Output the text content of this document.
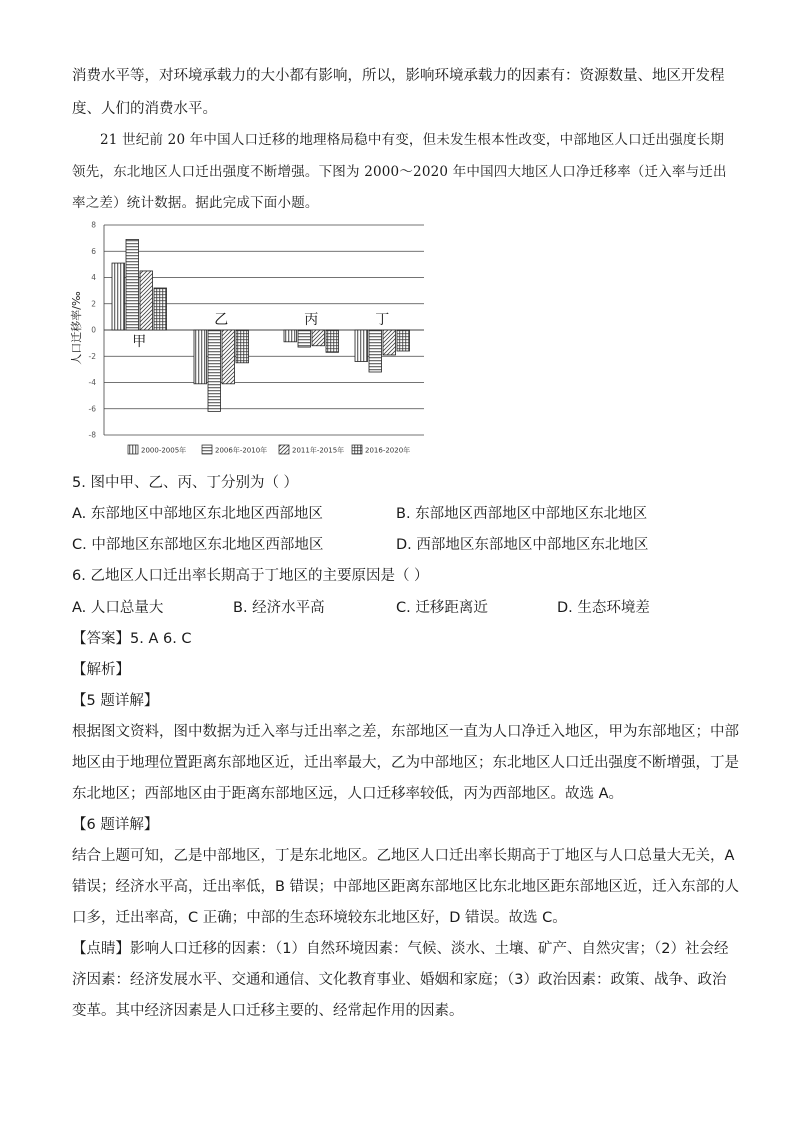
消费水平等，对环境承载力的大小都有影响，所以，影响环境承载力的因素有：资源数量、地区开发程
度、人们的消费水平。
21 世纪前 20 年中国人口迁移的地理格局稳中有变，但未发生根本性改变，中部地区人口迁出强度长期
领先，东北地区人口迁出强度不断增强。下图为 2000～2020 年中国四大地区人口净迁移率（迁入率与迁出
率之差）统计数据。据此完成下面小题。
8
6
4
2
0
-2
-4
-6
-8
甲
乙	丙	丁
人口迁移率/‰
2000-2005年	2006年-2010年	2011年-2015年	2016-2020年
5. 图中甲、乙、丙、丁分别为（ ）
A. 东部地区中部地区东北地区西部地区	B. 东部地区西部地区中部地区东北地区
C. 中部地区东部地区东北地区西部地区	D. 西部地区东部地区中部地区东北地区
6. 乙地区人口迁出率长期高于丁地区的主要原因是（ ）
A. 人口总量大	B. 经济水平高	C. 迁移距离近	D. 生态环境差
【答案】5. A 6. C
【解析】
【5 题详解】
根据图文资料，图中数据为迁入率与迁出率之差，东部地区一直为人口净迁入地区，甲为东部地区；中部
地区由于地理位置距离东部地区近，迁出率最大，乙为中部地区；东北地区人口迁出强度不断增强，丁是
东北地区；西部地区由于距离东部地区远，人口迁移率较低，丙为西部地区。故选 A。
【6 题详解】
结合上题可知，乙是中部地区，丁是东北地区。乙地区人口迁出率长期高于丁地区与人口总量大无关，A
错误；经济水平高，迁出率低，B 错误；中部地区距离东部地区比东北地区距东部地区近，迁入东部的人
口多，迁出率高，C 正确；中部的生态环境较东北地区好，D 错误。故选 C。
【点睛】影响人口迁移的因素：（1）自然环境因素：气候、淡水、土壤、矿产、自然灾害；（2）社会经
济因素：经济发展水平、交通和通信、文化教育事业、婚姻和家庭；（3）政治因素：政策、战争、政治
变革。其中经济因素是人口迁移主要的、经常起作用的因素。
